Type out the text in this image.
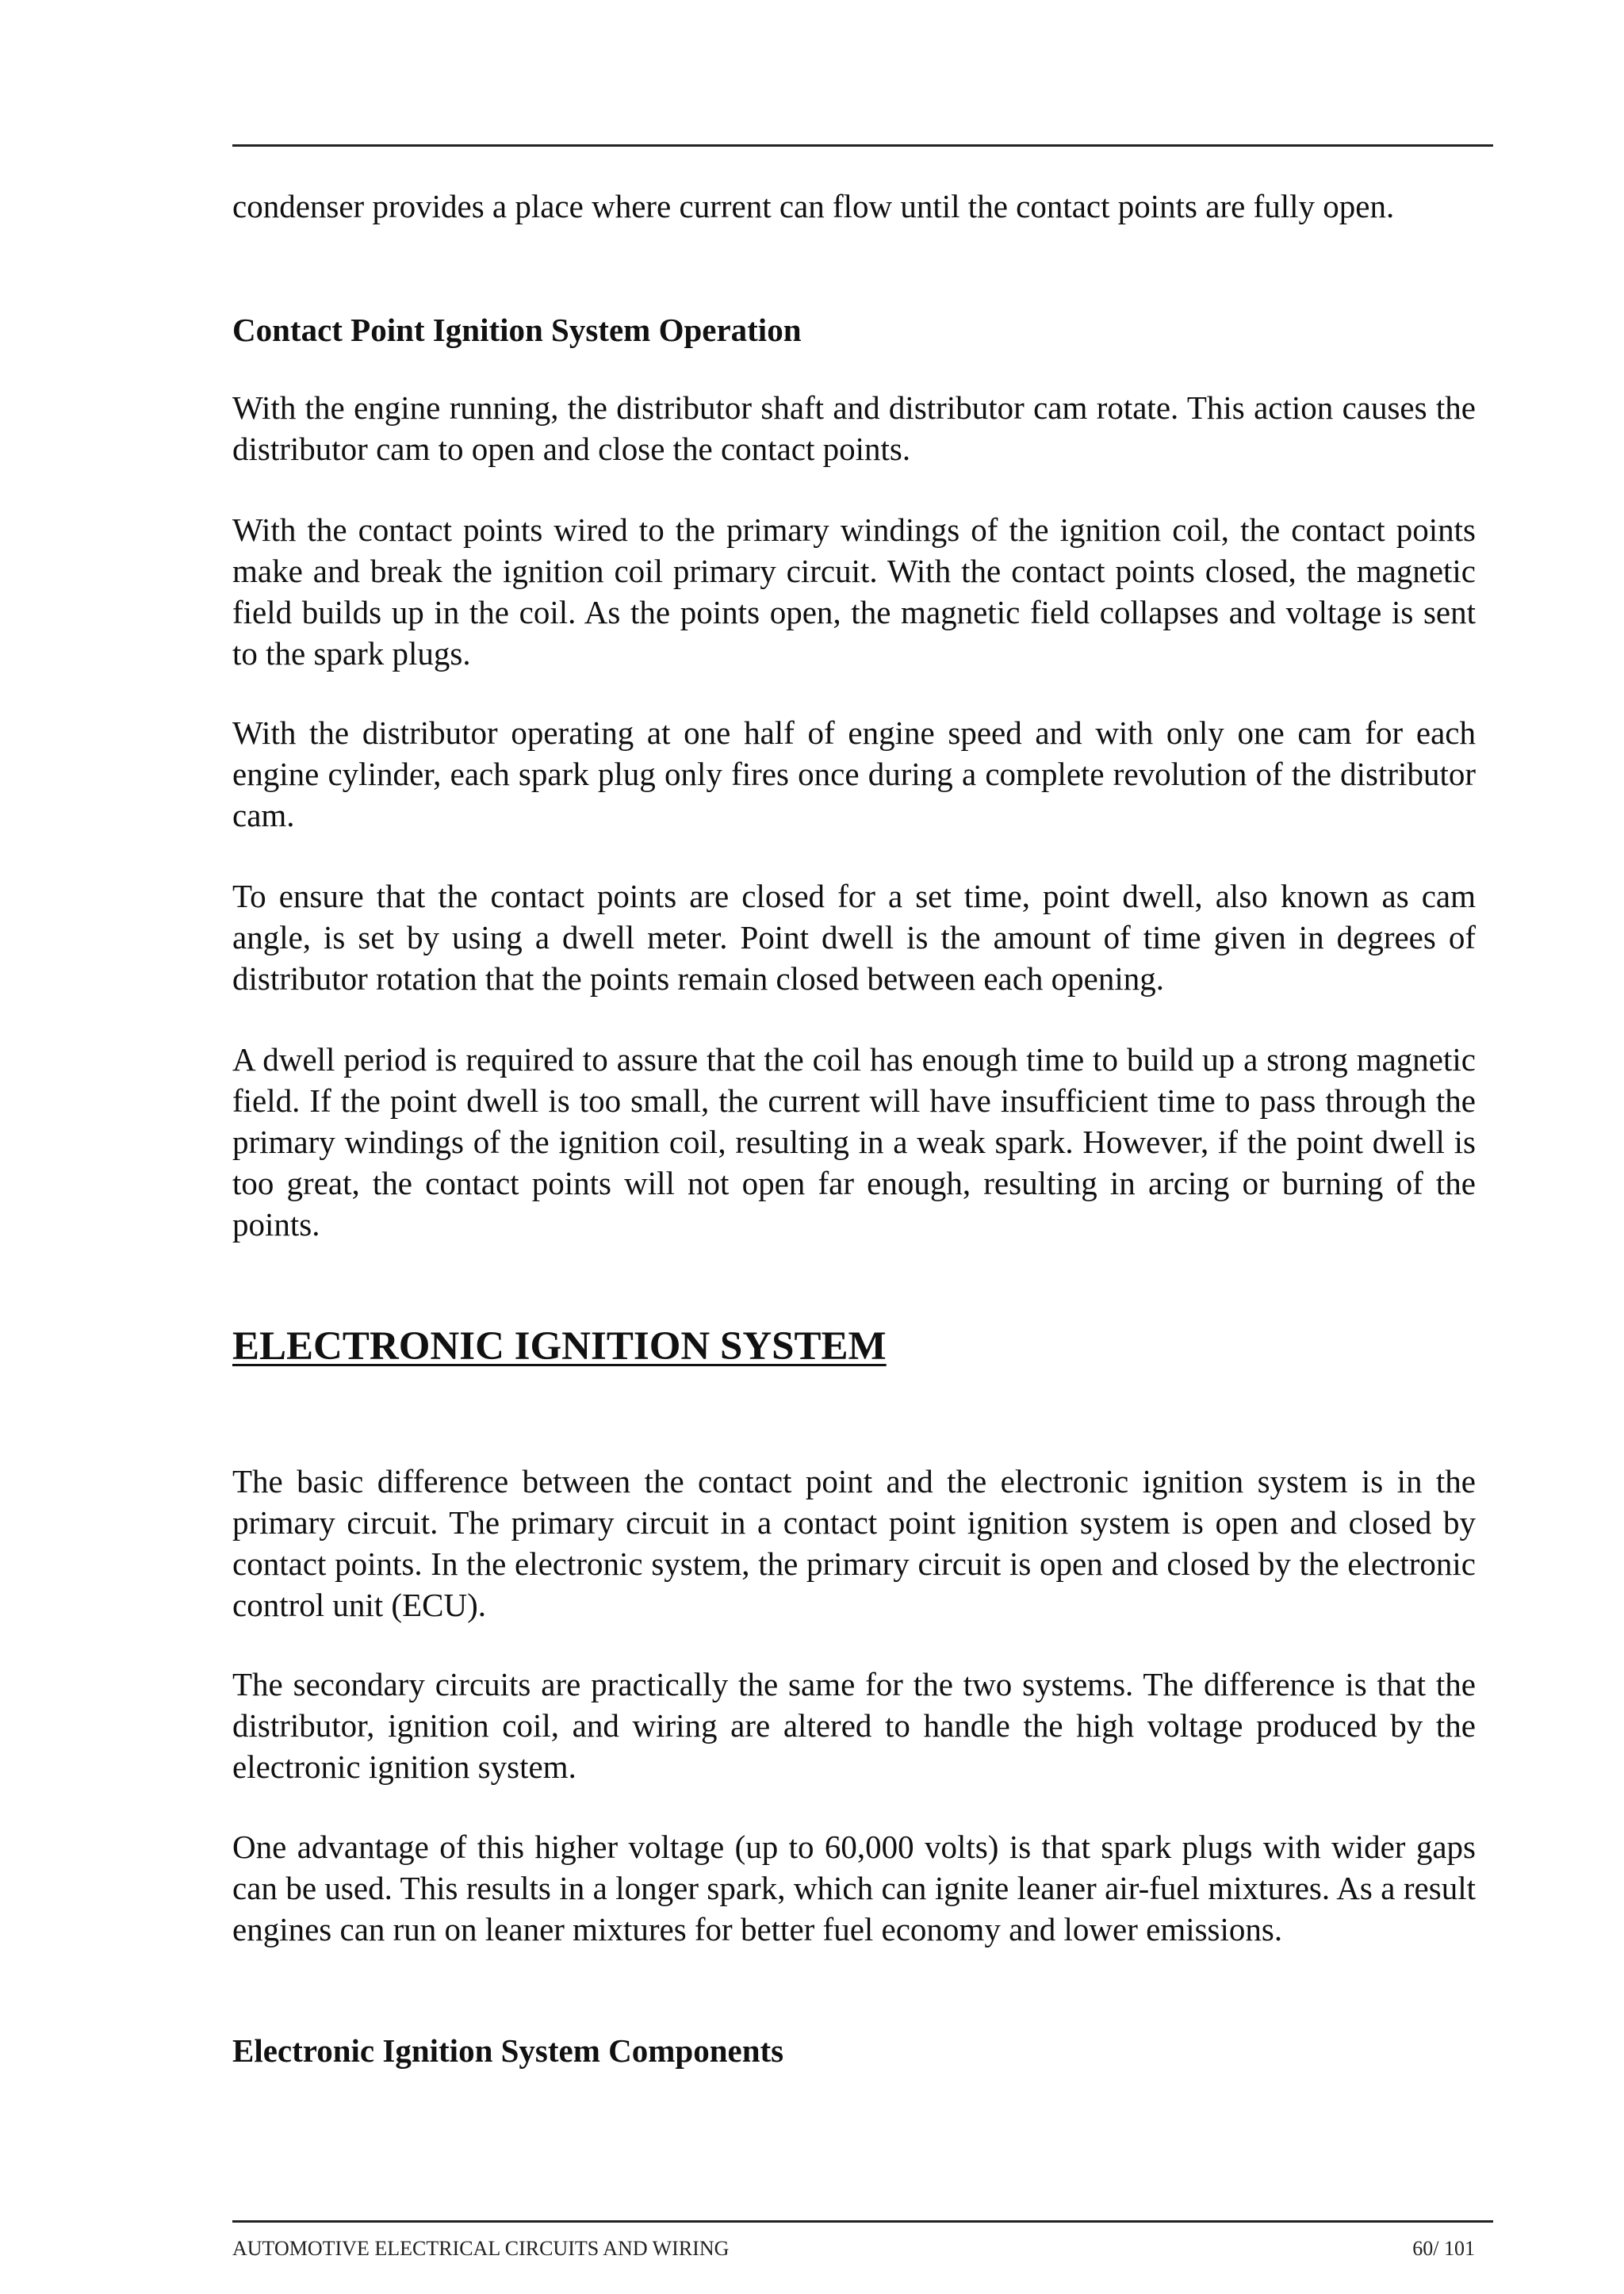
condenser provides a place where current can flow until the contact points are fully open.

Contact Point Ignition System Operation

With the engine running, the distributor shaft and distributor cam rotate. This action causes the distributor cam to open and close the contact points.

With the contact points wired to the primary windings of the ignition coil, the contact points make and break the ignition coil primary circuit. With the contact points closed, the magnetic field builds up in the coil. As the points open, the magnetic field collapses and voltage is sent to the spark plugs.

With the distributor operating at one half of engine speed and with only one cam for each engine cylinder, each spark plug only fires once during a complete revolution of the distributor cam.

To ensure that the contact points are closed for a set time, point dwell, also known as cam angle, is set by using a dwell meter. Point dwell is the amount of time given in degrees of distributor rotation that the points remain closed between each opening.

A dwell period is required to assure that the coil has enough time to build up a strong magnetic field. If the point dwell is too small, the current will have insufficient time to pass through the primary windings of the ignition coil, resulting in a weak spark. However, if the point dwell is too great, the contact points will not open far enough, resulting in arcing or burning of the points.

ELECTRONIC IGNITION SYSTEM

The basic difference between the contact point and the electronic ignition system is in the primary circuit. The primary circuit in a contact point ignition system is open and closed by contact points. In the electronic system, the primary circuit is open and closed by the electronic control unit (ECU).

The secondary circuits are practically the same for the two systems. The difference is that the distributor, ignition coil, and wiring are altered to handle the high voltage produced by the electronic ignition system.

One advantage of this higher voltage (up to 60,000 volts) is that spark plugs with wider gaps can be used. This results in a longer spark, which can ignite leaner air-fuel mixtures. As a result engines can run on leaner mixtures for better fuel economy and lower emissions.

Electronic Ignition System Components
AUTOMOTIVE ELECTRICAL CIRCUITS AND WIRING	60/ 101
